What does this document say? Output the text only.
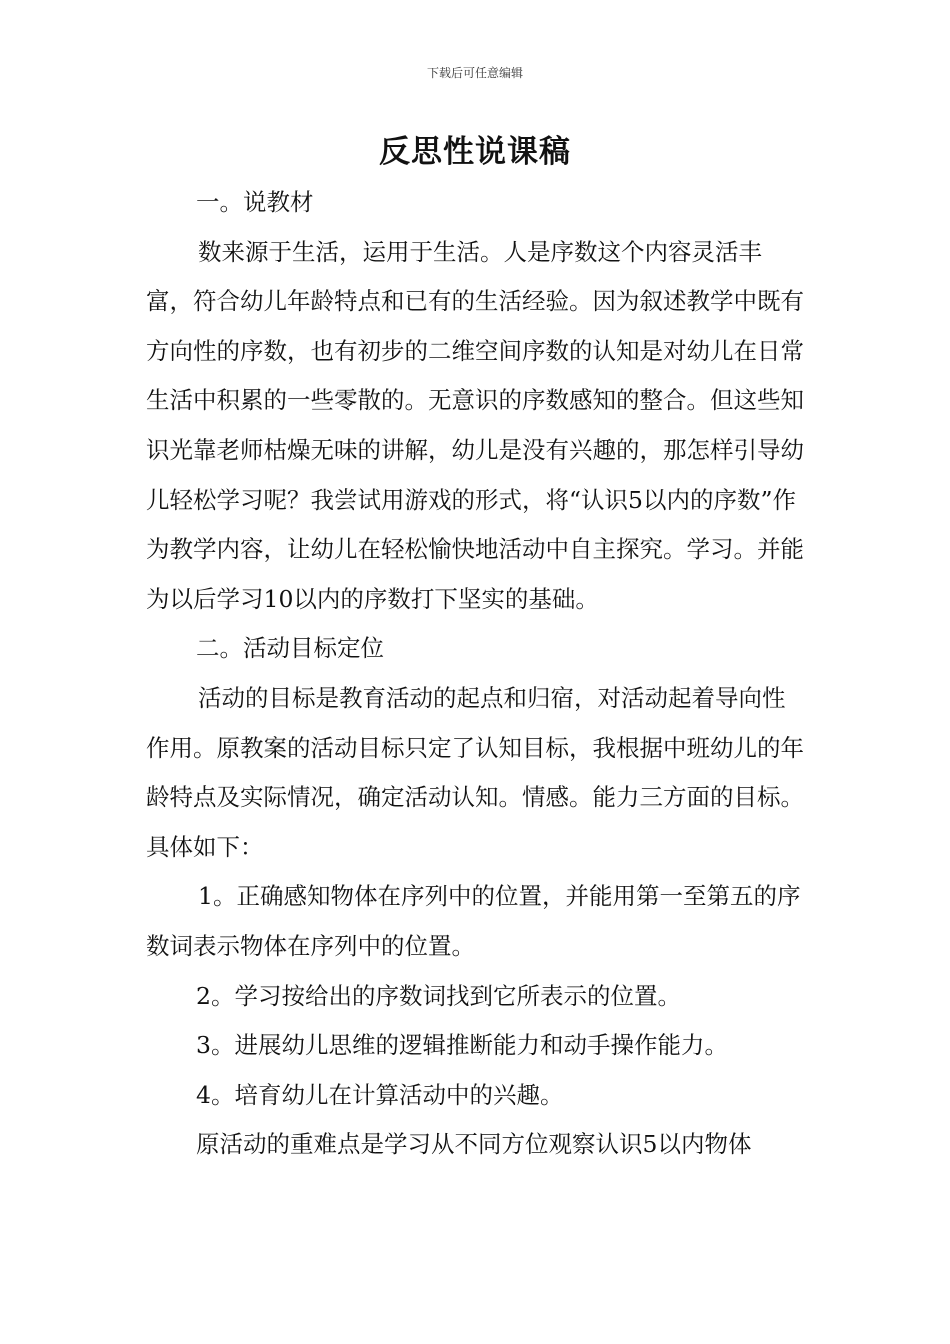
下载后可任意编辑
反思性说课稿

一。说教材

数来源于生活，运用于生活。人是序数这个内容灵活丰富，符合幼儿年龄特点和已有的生活经验。因为叙述教学中既有方向性的序数，也有初步的二维空间序数的认知是对幼儿在日常生活中积累的一些零散的。无意识的序数感知的整合。但这些知识光靠老师枯燥无味的讲解，幼儿是没有兴趣的，那怎样引导幼儿轻松学习呢？我尝试用游戏的形式，将“认识5以内的序数”作为教学内容，让幼儿在轻松愉快地活动中自主探究。学习。并能为以后学习10以内的序数打下坚实的基础。

二。活动目标定位

活动的目标是教育活动的起点和归宿，对活动起着导向性作用。原教案的活动目标只定了认知目标，我根据中班幼儿的年龄特点及实际情况，确定活动认知。情感。能力三方面的目标。具体如下：

1。正确感知物体在序列中的位置，并能用第一至第五的序数词表示物体在序列中的位置。

2。学习按给出的序数词找到它所表示的位置。

3。进展幼儿思维的逻辑推断能力和动手操作能力。

4。培育幼儿在计算活动中的兴趣。

原活动的重难点是学习从不同方位观察认识5以内物体
